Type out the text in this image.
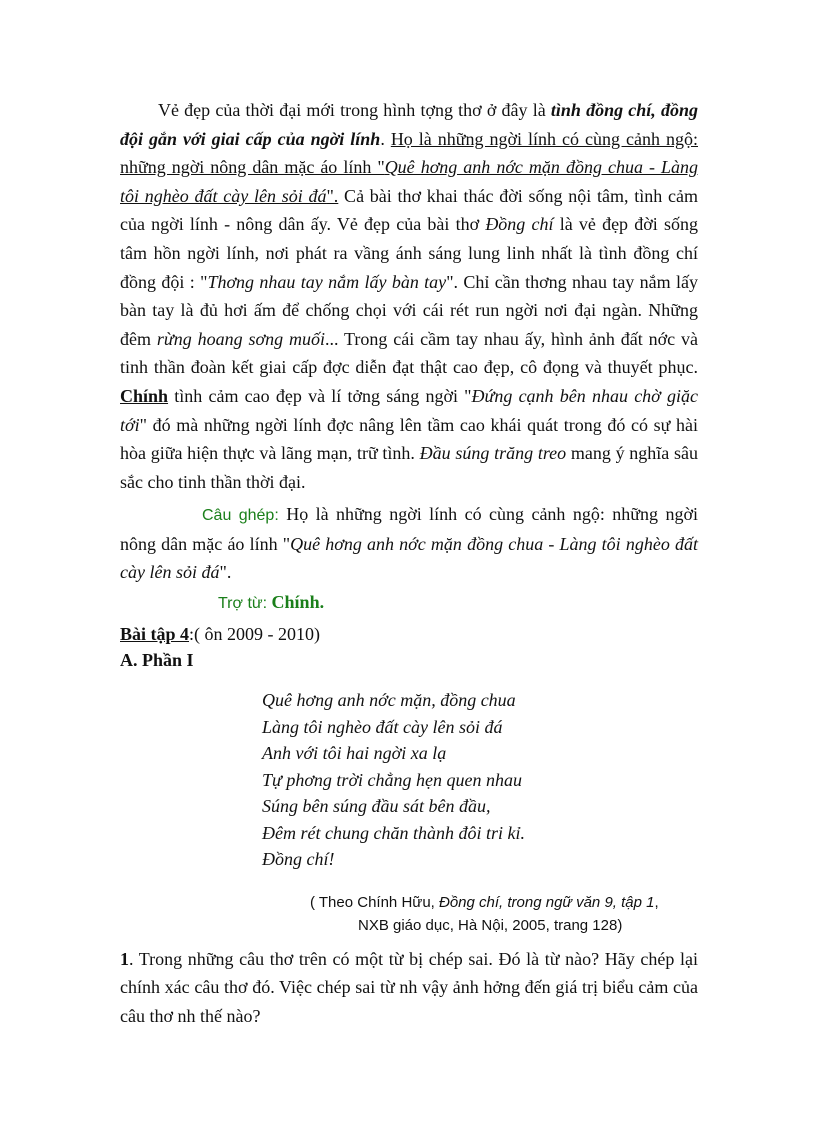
Vẻ đẹp của thời đại mới trong hình tợng thơ ở đây là tình đồng chí, đồng đội gắn với giai cấp của ngời lính. Họ là những ngời lính có cùng cảnh ngộ: những ngời nông dân mặc áo lính "Quê hơng anh nớc mặn đồng chua - Làng tôi nghèo đất cày lên sỏi đá". Cả bài thơ khai thác đời sống nội tâm, tình cảm của ngời lính - nông dân ấy. Vẻ đẹp của bài thơ Đồng chí là vẻ đẹp đời sống tâm hồn ngời lính, nơi phát ra vầng ánh sáng lung linh nhất là tình đồng chí đồng đội : "Thơng nhau tay nắm lấy bàn tay". Chỉ cần thơng nhau tay nắm lấy bàn tay là đủ hơi ấm để chống chọi với cái rét run ngời nơi đại ngàn. Những đêm rừng hoang sơng muối... Trong cái cầm tay nhau ấy, hình ảnh đất nớc và tinh thần đoàn kết giai cấp đợc diễn đạt thật cao đẹp, cô đọng và thuyết phục. Chính tình cảm cao đẹp và lí tởng sáng ngời "Đứng cạnh bên nhau chờ giặc tới" đó mà những ngời lính đợc nâng lên tầm cao khái quát trong đó có sự hài hòa giữa hiện thực và lãng mạn, trữ tình. Đầu súng trăng treo mang ý nghĩa sâu sắc cho tinh thần thời đại.

Câu ghép: Họ là những ngời lính có cùng cảnh ngộ: những ngời nông dân mặc áo lính "Quê hơng anh nớc mặn đồng chua - Làng tôi nghèo đất cày lên sỏi đá".

Trợ từ: Chính.

Bài tập 4:( ôn 2009 - 2010)

A. Phần I

Quê hơng anh nớc mặn, đồng chua
Làng tôi nghèo đất cày lên sỏi đá
Anh với tôi hai ngời xa lạ
Tự phơng trời chẳng hẹn quen nhau
Súng bên súng đầu sát bên đầu,
Đêm rét chung chăn thành đôi tri kỉ.
Đồng chí!
( Theo Chính Hữu, Đồng chí, trong ngữ văn 9, tập 1,
NXB giáo dục, Hà Nội, 2005, trang 128)

1. Trong những câu thơ trên có một từ bị chép sai. Đó là từ nào? Hãy chép lại chính xác câu thơ đó. Việc chép sai từ nh vậy ảnh hởng đến giá trị biểu cảm của câu thơ nh thế nào?
